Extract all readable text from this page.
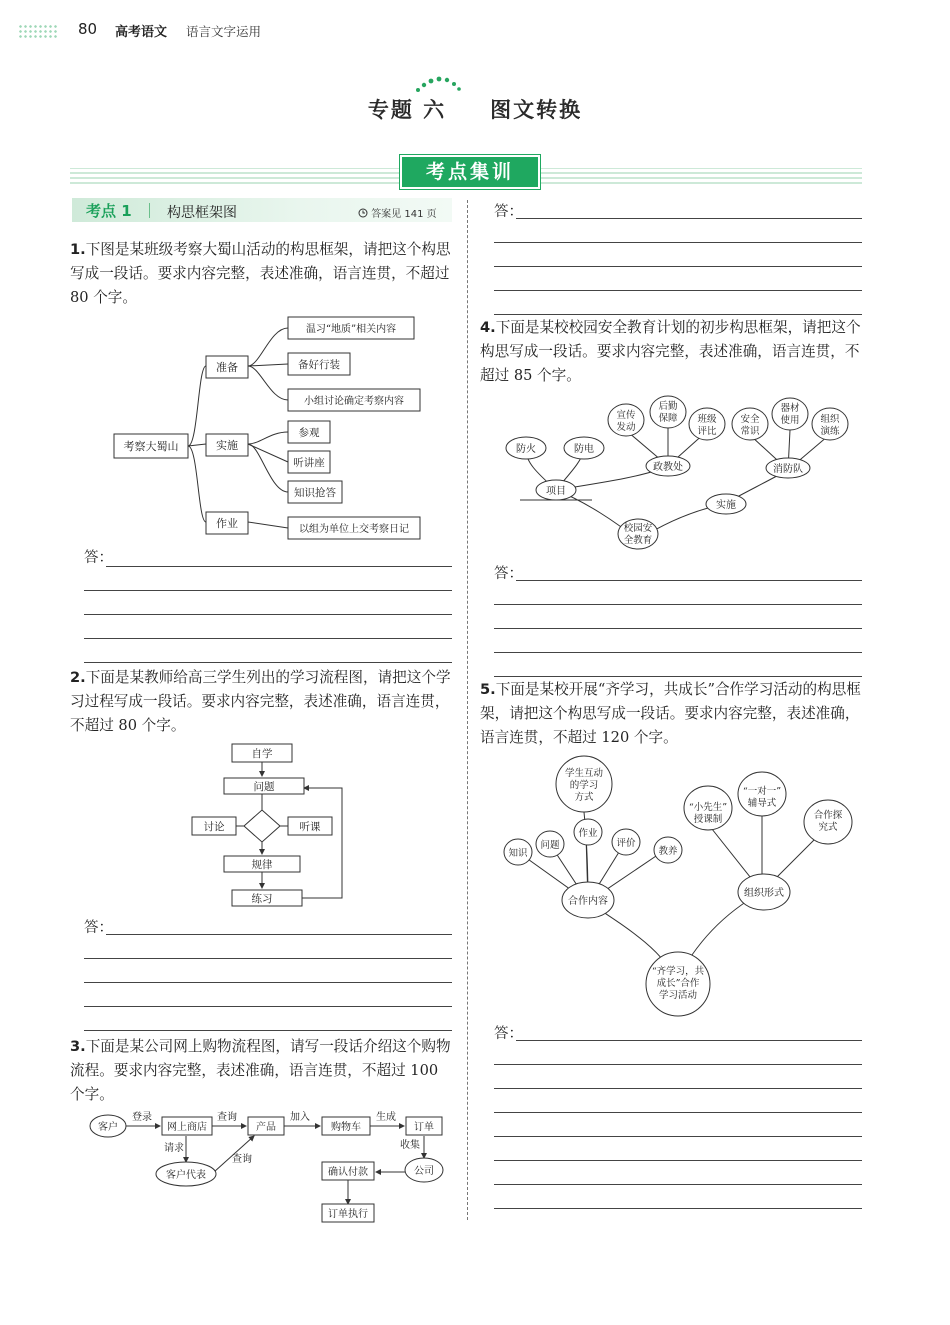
80 高考语文 语言文字运用
专题 六 图文转换
考点集训
考点 1	构思框架图	答案见 141 页
1.下图是某班级考察大蜀山活动的构思框架，请把这个构思写成一段话。要求内容完整，表述准确，语言连贯，不超过 80 个字。
考察大蜀山
准备
实施
作业
温习“地质”相关内容
备好行装
小组讨论确定考察内容
参观
听讲座
知识抢答
以组为单位上交考察日记
答：
2.下面是某教师给高三学生列出的学习流程图，请把这个学习过程写成一段话。要求内容完整，表述准确，语言连贯，不超过 80 个字。
自学
问题
讨论	听课
规律
练习
答：
3.下面是某公司网上购物流程图，请写一段话介绍这个购物流程。要求内容完整，表述准确，语言连贯，不超过 100 个字。
客户
登录
网上商店
查询
产品
加入
购物车
生成
订单
请求
客户代表
查询
收集
确认付款	公司
订单执行
答：
4.下面是某校校园安全教育计划的初步构思框架，请把这个构思写成一段话。要求内容完整，表述准确，语言连贯，不超过 85 个字。
校园安
全教育
项目
实施
防火	防电
政教处	消防队
宣传
发动
后勤
保障 班级
评比
安全
常识
器材
使用 组织
演练
答：
5.下面是某校开展“齐学习，共成长”合作学习活动的构思框架，请把这个构思写成一段话。要求内容完整，表述准确，语言连贯，不超过 120 个字。
学生互动
的学习
方式
知识
问题
作业
评价
教养
合作内容
“小先生”
授课制
“一对一”
辅导式
合作探
究式
组织形式
“齐学习，共
成长”合作
学习活动
答：
